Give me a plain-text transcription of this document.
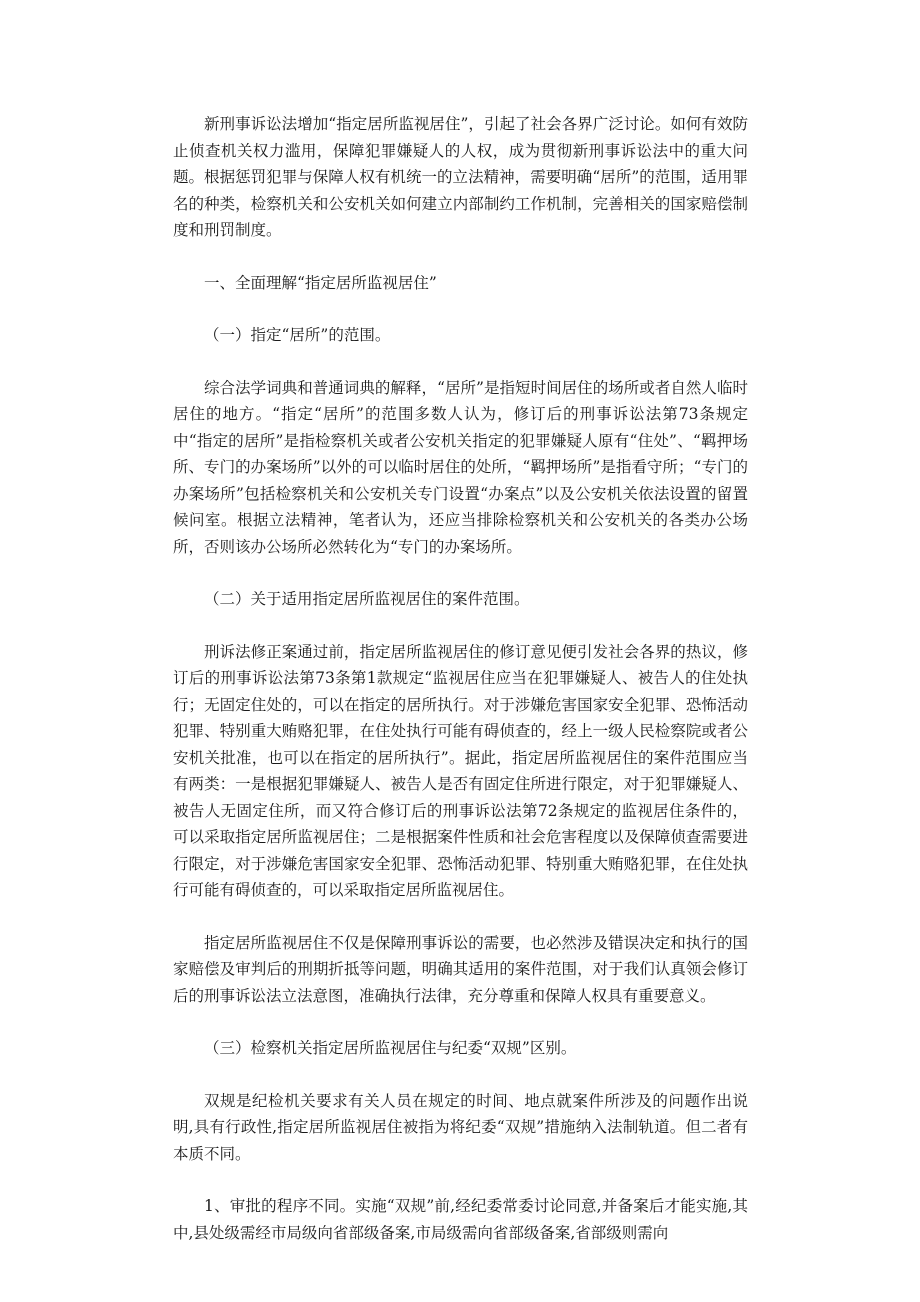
新刑事诉讼法增加“指定居所监视居住”，引起了社会各界广泛讨论。如何有效防止侦查机关权力滥用，保障犯罪嫌疑人的人权，成为贯彻新刑事诉讼法中的重大问题。根据惩罚犯罪与保障人权有机统一的立法精神，需要明确“居所”的范围，适用罪名的种类，检察机关和公安机关如何建立内部制约工作机制，完善相关的国家赔偿制度和刑罚制度。

一、全面理解“指定居所监视居住”

（一）指定“居所”的范围。

综合法学词典和普通词典的解释，“居所”是指短时间居住的场所或者自然人临时居住的地方。“指定“居所”的范围多数人认为，修订后的刑事诉讼法第73条规定中“指定的居所”是指检察机关或者公安机关指定的犯罪嫌疑人原有“住处”、“羁押场所、专门的办案场所”以外的可以临时居住的处所，“羁押场所”是指看守所；“专门的办案场所”包括检察机关和公安机关专门设置“办案点”以及公安机关依法设置的留置候问室。根据立法精神，笔者认为，还应当排除检察机关和公安机关的各类办公场所，否则该办公场所必然转化为“专门的办案场所。

（二）关于适用指定居所监视居住的案件范围。

刑诉法修正案通过前，指定居所监视居住的修订意见便引发社会各界的热议，修订后的刑事诉讼法第73条第1款规定“监视居住应当在犯罪嫌疑人、被告人的住处执行；无固定住处的，可以在指定的居所执行。对于涉嫌危害国家安全犯罪、恐怖活动犯罪、特别重大贿赂犯罪，在住处执行可能有碍侦查的，经上一级人民检察院或者公安机关批准，也可以在指定的居所执行”。据此，指定居所监视居住的案件范围应当有两类：一是根据犯罪嫌疑人、被告人是否有固定住所进行限定，对于犯罪嫌疑人、被告人无固定住所，而又符合修订后的刑事诉讼法第72条规定的监视居住条件的，可以采取指定居所监视居住；二是根据案件性质和社会危害程度以及保障侦查需要进行限定，对于涉嫌危害国家安全犯罪、恐怖活动犯罪、特别重大贿赂犯罪，在住处执行可能有碍侦查的，可以采取指定居所监视居住。

指定居所监视居住不仅是保障刑事诉讼的需要，也必然涉及错误决定和执行的国家赔偿及审判后的刑期折抵等问题，明确其适用的案件范围，对于我们认真领会修订后的刑事诉讼法立法意图，准确执行法律，充分尊重和保障人权具有重要意义。

（三）检察机关指定居所监视居住与纪委“双规”区别。

双规是纪检机关要求有关人员在规定的时间、地点就案件所涉及的问题作出说明,具有行政性,指定居所监视居住被指为将纪委“双规”措施纳入法制轨道。但二者有本质不同。

1、审批的程序不同。实施“双规”前,经纪委常委讨论同意,并备案后才能实施,其中,县处级需经市局级向省部级备案,市局级需向省部级备案,省部级则需向
